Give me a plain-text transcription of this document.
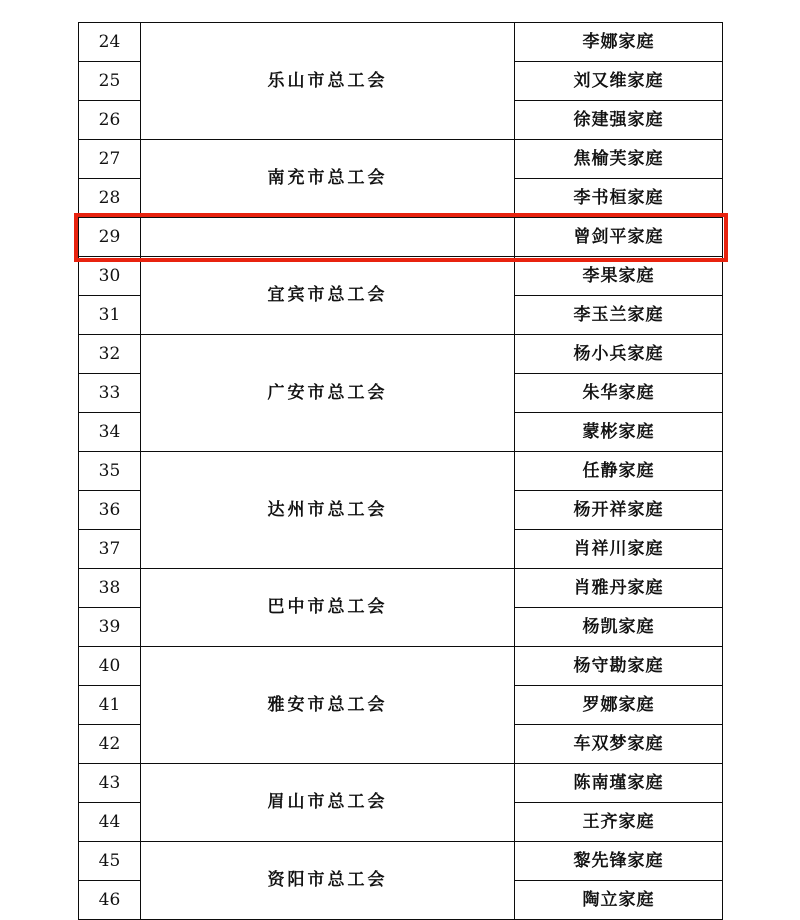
24	乐山市总工会	李娜家庭
25		刘又维家庭
26		徐建强家庭
27	南充市总工会	焦榆芙家庭
28		李书桓家庭
29		曾剑平家庭
30	宜宾市总工会	李果家庭
31		李玉兰家庭
32	广安市总工会	杨小兵家庭
33		朱华家庭
34		蒙彬家庭
35	达州市总工会	任静家庭
36		杨开祥家庭
37		肖祥川家庭
38	巴中市总工会	肖雅丹家庭
39		杨凯家庭
40	雅安市总工会	杨守勘家庭
41		罗娜家庭
42		车双梦家庭
43	眉山市总工会	陈南瑾家庭
44		王齐家庭
45	资阳市总工会	黎先锋家庭
46		陶立家庭
